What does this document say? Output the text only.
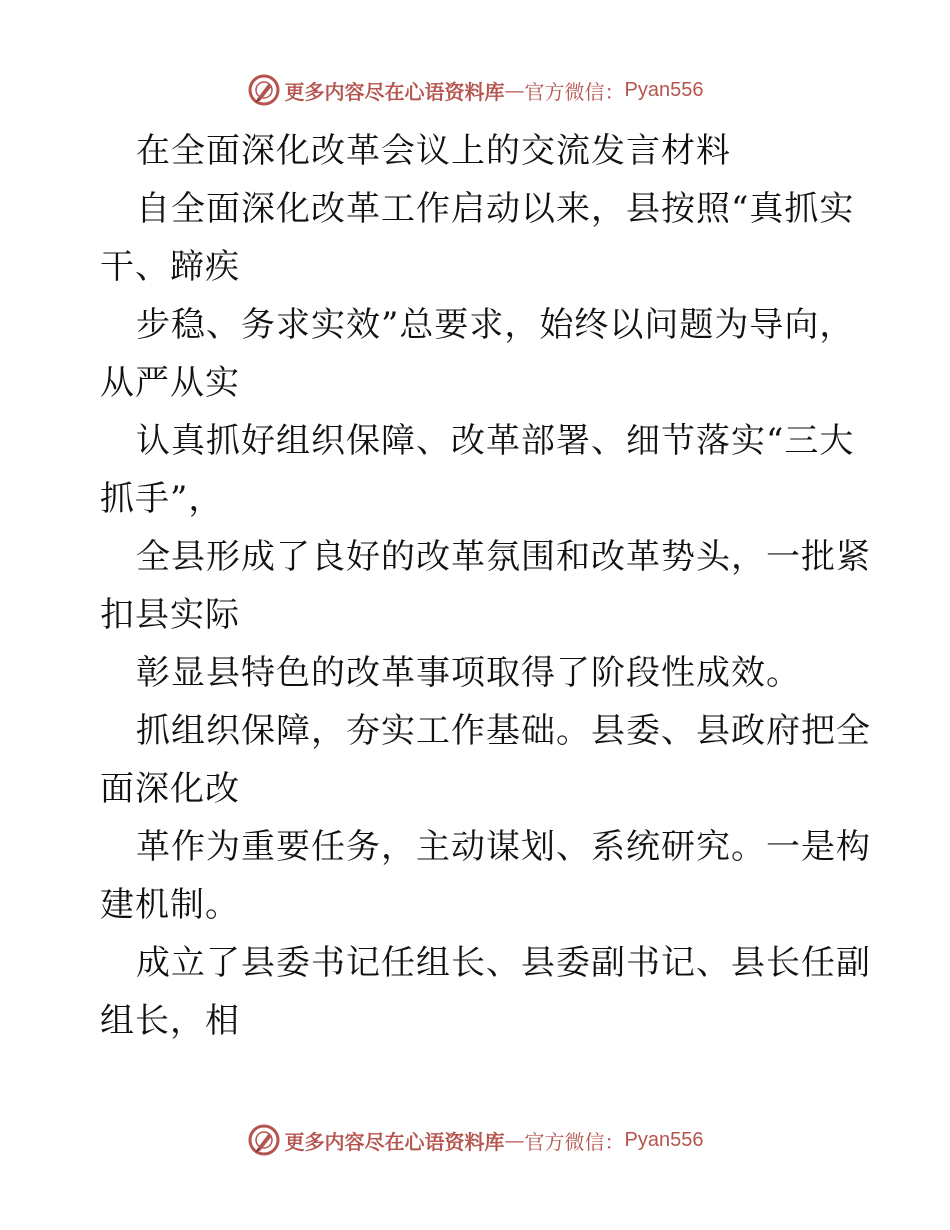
更多内容尽在心语资料库 — 官方微信： Pyan556
在全面深化改革会议上的交流发言材料
自全面深化改革工作启动以来，县按照“真抓实
干、蹄疾
步稳、务求实效”总要求，始终以问题为导向，
从严从实
认真抓好组织保障、改革部署、细节落实“三大
抓手”，
全县形成了良好的改革氛围和改革势头，一批紧
扣县实际
彰显县特色的改革事项取得了阶段性成效。
抓组织保障，夯实工作基础。县委、县政府把全
面深化改
革作为重要任务，主动谋划、系统研究。一是构
建机制。
成立了县委书记任组长、县委副书记、县长任副
组长，相
更多内容尽在心语资料库 — 官方微信： Pyan556
